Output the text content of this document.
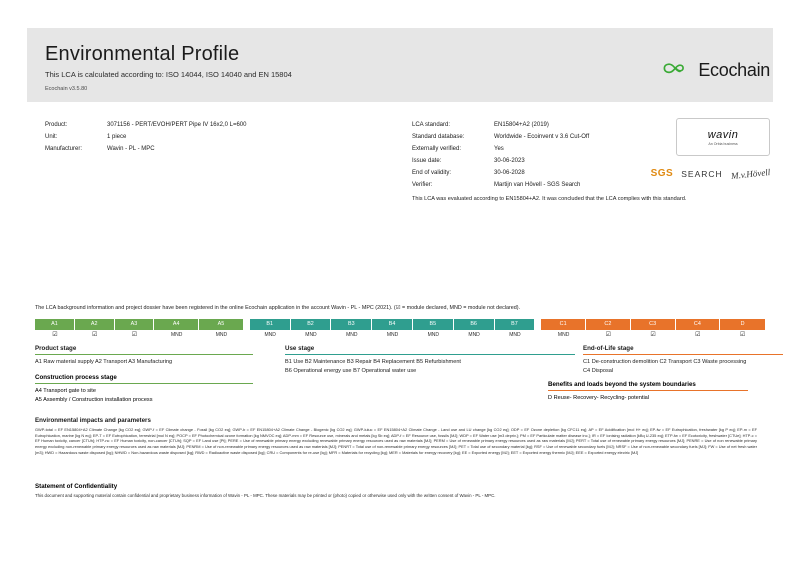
Environmental Profile
This LCA is calculated according to: ISO 14044, ISO 14040 and EN 15804
Ecochain v3.5.80
Ecochain
Product:	3071156 - PERT/EVOH/PERT Pipe IV 16x2,0 L=600
Unit:	1 piece
Manufacturer:	Wavin - PL - MPC
LCA standard:	EN15804+A2 (2019)
Standard database:	Worldwide - Ecoinvent v 3.6 Cut-Off
Externally verified:	Yes
Issue date:	30-06-2023
End of validity:	30-06-2028
Verifier:	Martijn van Hövell - SGS Search
wavin
An Orbia business
SGS SEARCH M.v.Hövell
This LCA was evaluated according to EN15804+A2. It was concluded that the LCA complies with this standard.
The LCA background information and project dossier have been registered in the online Ecochain application in the account Wavin - PL - MPC (2021). (☑ = module declared, MND = module not declared).
A1	A2	A3	A4	A5	B1	B2	B3	B4	B5	B6	B7	C1	C2	C3	C4	D
☑	☑	☑	MND	MND	MND	MND	MND	MND	MND	MND	MND	MND	☑	☑	☑	☑
Product stage
A1 Raw material supply A2 Transport A3 Manufacturing
Use stage
B1 Use B2 Maintenance B3 Repair B4 Replacement B5 Refurbishment
B6 Operational energy use B7 Operational water use
End-of-Life stage
C1 De-construction demolition C2 Transport C3 Waste processing
C4 Disposal
Construction process stage
A4 Transport gate to site
A5 Assembly / Construction installation process
Benefits and loads beyond the system boundaries
D Reuse- Recovery- Recycling- potential
Environmental impacts and parameters

GWP-total = EF EN15804+A2 Climate Change [kg CO2 eq]; GWP-f = EF Climate change - Fossil [kg CO2 eq]; GWP-b = EF EN15804+A2 Climate Change - Biogenic [kg CO2 eq]; GWP-luluc = EF EN15804+A2 Climate Change - Land use and LU change [kg CO2 eq]; ODP = EF Ozone depletion [kg CFC11 eq]; AP = EF Acidification [mol H+ eq]; EP-fw = EF Eutrophication, freshwater [kg P eq]; EP-m = EF Eutrophication, marine [kg N eq]; EP-T = EF Eutrophication, terrestrial [mol N eq]; POCP = EF Photochemical ozone formation [kg NMVOC eq]; ADP-mm = EF Resource use, minerals and metals [kg Sb eq]; ADP-f = EF Resource use, fossils [MJ]; WDP = EF Water use [m3 depriv.]; PM = EF Particulate matter disease inc.]; IR = EF Ionising radiation [kBq U-235 eq]; ETP-fw = EF Ecotoxicity, freshwater [CTUe]; HTP-c = EF Human toxicity, cancer [CTUh]; HTP-nc = EF Human toxicity, non-cancer [CTUh]; SQP = EF Land use [Pt]; PERE = Use of renewable primary energy excluding renewable primary energy resources used as raw materials [MJ]; PERM = Use of renewable primary energy resources used as raw materials [MJ]; PERT = Total use of renewable primary energy resources [MJ]; PENRE = Use of non renewable primary energy excluding non-renewable primary energy resources used as raw materials [MJ]; PENRM = Use of non-renewable primary energy resources used as raw materials [MJ]; PENRT = Total use of non-renewable primary energy resources [MJ]; PET = Total use of secondary material [kg]; RSF = Use of renewable secondary fuels [MJ]; NRSF = Use of non-renewable secondary fuels [MJ]; FW = Use of net fresh water [m3]; HWD = Hazardous waste disposed [kg]; NHWD = Non-hazardous waste disposed [kg]; RWD = Radioactive waste disposed [kg]; CRU = Components for re-use [kg]; MFR = Materials for recycling [kg]; MER = Materials for energy recovery [kg]; EE = Exported energy [MJ]; EET = Exported energy thermic [MJ]; EEE = Exported energy electric [MJ]

Statement of Confidentiality

This document and supporting material contain confidential and proprietary business information of Wavin - PL - MPC. These materials may be printed or (photo) copied or otherwise used only with the written consent of Wavin - PL - MPC.
